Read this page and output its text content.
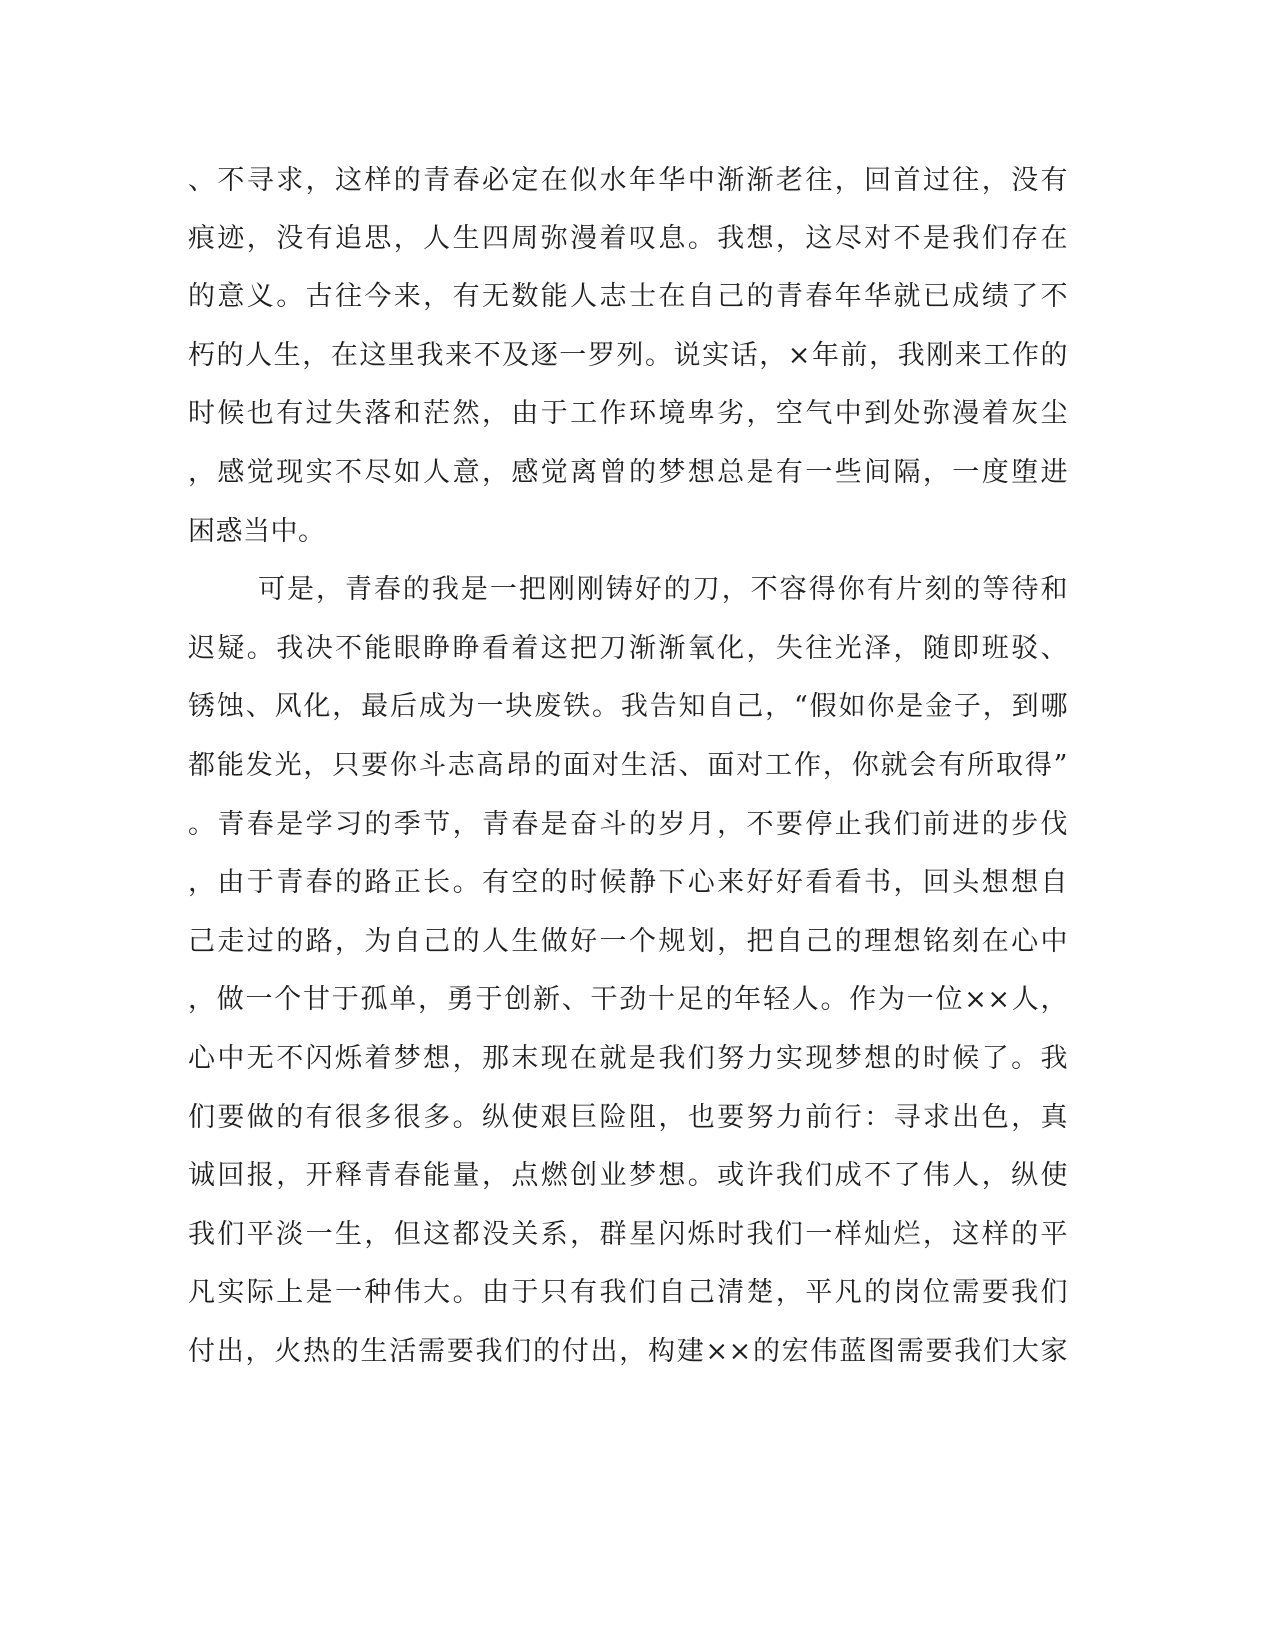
、不寻求，这样的青春必定在似水年华中渐渐老往，回首过往，没有
痕迹，没有追思，人生四周弥漫着叹息。我想，这尽对不是我们存在
的意义。古往今来，有无数能人志士在自己的青春年华就已成绩了不
朽的人生，在这里我来不及逐一罗列。说实话，×年前，我刚来工作的
时候也有过失落和茫然，由于工作环境卑劣，空气中到处弥漫着灰尘
，感觉现实不尽如人意，感觉离曾的梦想总是有一些间隔，一度堕进
困惑当中。
可是，青春的我是一把刚刚铸好的刀，不容得你有片刻的等待和
迟疑。我决不能眼睁睁看着这把刀渐渐氧化，失往光泽，随即班驳、
锈蚀、风化，最后成为一块废铁。我告知自己，“假如你是金子，到哪
都能发光，只要你斗志高昂的面对生活、面对工作，你就会有所取得”
。青春是学习的季节，青春是奋斗的岁月，不要停止我们前进的步伐
，由于青春的路正长。有空的时候静下心来好好看看书，回头想想自
己走过的路，为自己的人生做好一个规划，把自己的理想铭刻在心中
，做一个甘于孤单，勇于创新、干劲十足的年轻人。作为一位××人，
心中无不闪烁着梦想，那末现在就是我们努力实现梦想的时候了。我
们要做的有很多很多。纵使艰巨险阻，也要努力前行：寻求出色，真
诚回报，开释青春能量，点燃创业梦想。或许我们成不了伟人，纵使
我们平淡一生，但这都没关系，群星闪烁时我们一样灿烂，这样的平
凡实际上是一种伟大。由于只有我们自己清楚，平凡的岗位需要我们
付出，火热的生活需要我们的付出，构建××的宏伟蓝图需要我们大家
